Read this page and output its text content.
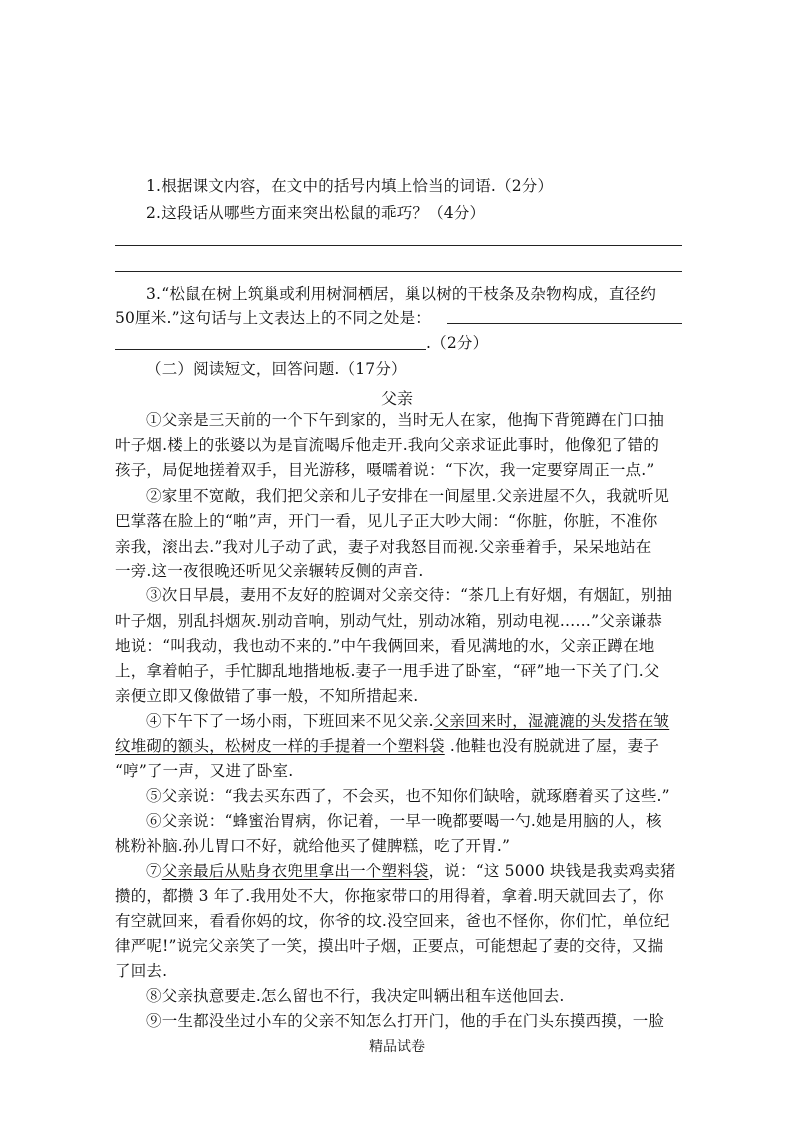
1.根据课文内容，在文中的括号内填上恰当的词语.（2分）
2.这段话从哪些方面来突出松鼠的乖巧？（4分）
3.“松鼠在树上筑巢或利用树洞栖居，巢以树的干枝条及杂物构成，直径约
50厘米.”这句话与上文表达上的不同之处是：
.（2分）
（二）阅读短文，回答问题.（17分）
父亲
①父亲是三天前的一个下午到家的，当时无人在家，他掏下背篼蹲在门口抽
叶子烟.楼上的张婆以为是盲流喝斥他走开.我向父亲求证此事时，他像犯了错的
孩子，局促地搓着双手，目光游移，嗫嚅着说：“下次，我一定要穿周正一点.”
②家里不宽敞，我们把父亲和儿子安排在一间屋里.父亲进屋不久，我就听见
巴掌落在脸上的“啪”声，开门一看，见儿子正大吵大闹：“你脏，你脏，不准你
亲我，滚出去.”我对儿子动了武，妻子对我怒目而视.父亲垂着手，呆呆地站在
一旁.这一夜很晚还听见父亲辗转反侧的声音.
③次日早晨，妻用不友好的腔调对父亲交待：“茶几上有好烟，有烟缸，别抽
叶子烟，别乱抖烟灰.别动音响，别动气灶，别动冰箱，别动电视……”父亲谦恭
地说：“叫我动，我也动不来的.”中午我俩回来，看见满地的水，父亲正蹲在地
上，拿着帕子，手忙脚乱地揩地板.妻子一甩手进了卧室，“砰”地一下关了门.父
亲便立即又像做错了事一般，不知所措起来.
④下午下了一场小雨，下班回来不见父亲.父亲回来时，湿漉漉的头发搭在皱
纹堆砌的额头，松树皮一样的手提着一个塑料袋 .他鞋也没有脱就进了屋，妻子
“哼”了一声，又进了卧室.
⑤父亲说：“我去买东西了，不会买，也不知你们缺啥，就琢磨着买了这些.”
⑥父亲说：“蜂蜜治胃病，你记着，一早一晚都要喝一勺.她是用脑的人，核
桃粉补脑.孙儿胃口不好，就给他买了健脾糕，吃了开胃.”
⑦父亲最后从贴身衣兜里拿出一个塑料袋，说：“这 5000 块钱是我卖鸡卖猪
攒的，都攒 3 年了.我用处不大，你拖家带口的用得着，拿着.明天就回去了，你
有空就回来，看看你妈的坟，你爷的坟.没空回来，爸也不怪你，你们忙，单位纪
律严呢!”说完父亲笑了一笑，摸出叶子烟，正要点，可能想起了妻的交待，又揣
了回去.
⑧父亲执意要走.怎么留也不行，我决定叫辆出租车送他回去.
⑨一生都没坐过小车的父亲不知怎么打开门，他的手在门头东摸西摸，一脸
精品试卷
